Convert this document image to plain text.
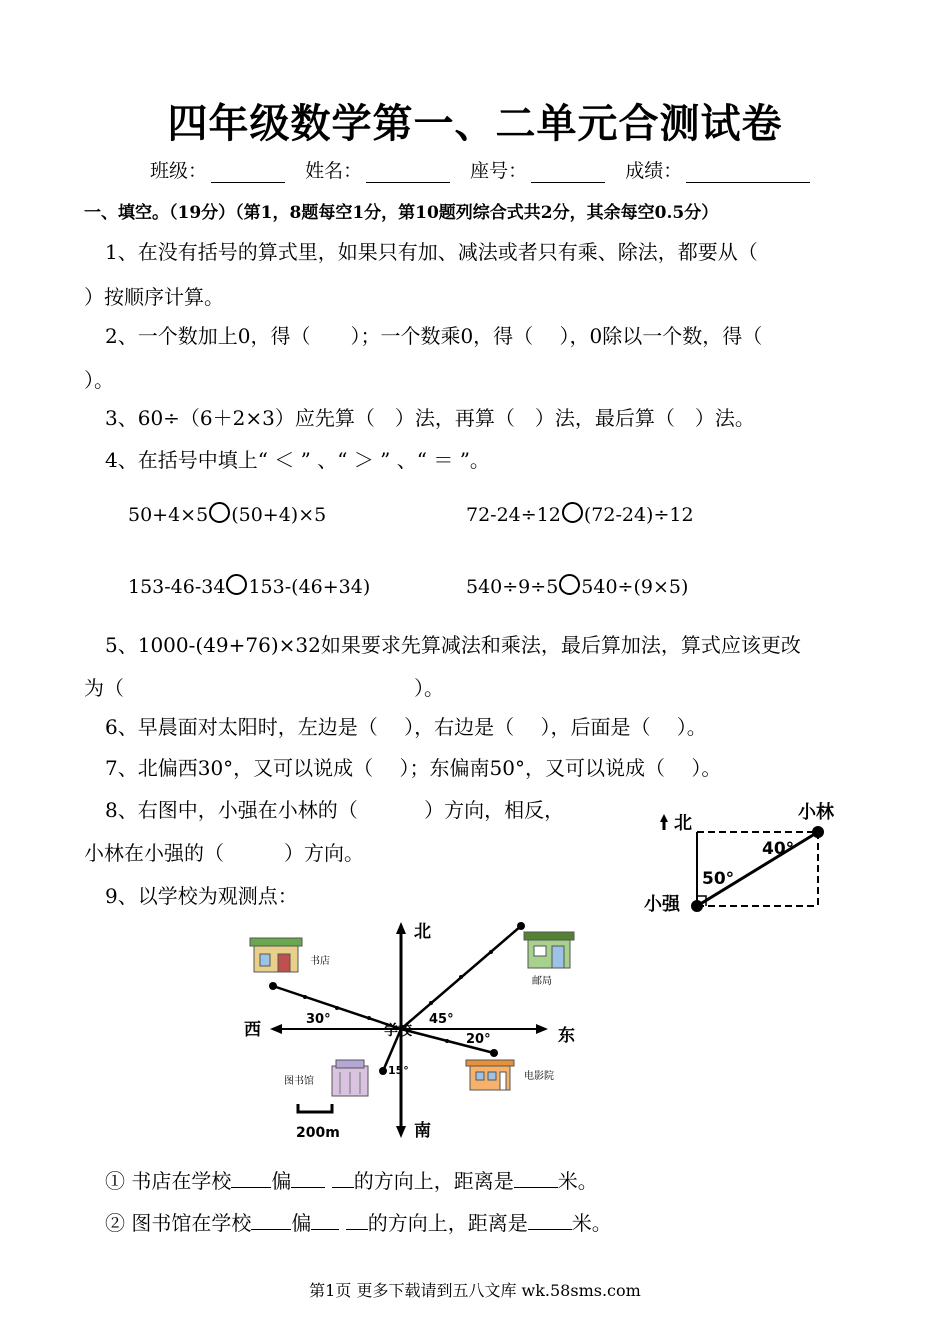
四年级数学第一、二单元合测试卷
班级：	姓名：	座号：	成绩：
一、填空。（19分）（第1，8题每空1分，第10题列综合式共2分，其余每空0.5分）
1、在没有括号的算式里，如果只有加、减法或者只有乘、除法，都要从（
）按顺序计算。
2、一个数加上0，得（　　）；一个数乘0，得（　 ），0除以一个数，得（
）。
3、60÷（6＋2×3）应先算（　）法，再算（　）法，最后算（　）法。
4、在括号中填上“ ＜ ” 、“ ＞ ” 、“ ＝ ”。
50+4×5 (50+4)×5	72-24÷12 (72-24)÷12
153-46-34 153-(46+34)	540÷9÷5 540÷(9×5)
5、1000-(49+76)×32如果要求先算减法和乘法，最后算加法，算式应该更改
为（	）。
6、早晨面对太阳时，左边是（　 ），右边是（　 ），后面是（　 ）。
7、北偏西30°，又可以说成（　 ）；东偏南50°，又可以说成（　 ）。
8、右图中，小强在小林的（　　　 ）方向，相反，
小林在小强的（　　　）方向。
北
小林
小强
40°
50°
9、以学校为观测点：
北
南
东
西
30°	45°
20°
15°
学校
书店
邮局
图书馆	电影院
200m
① 书店在学校 偏	的方向上，距离是 米。
② 图书馆在学校 偏	的方向上，距离是 米。
第1页 更多下载请到五八文库 wk.58sms.com
